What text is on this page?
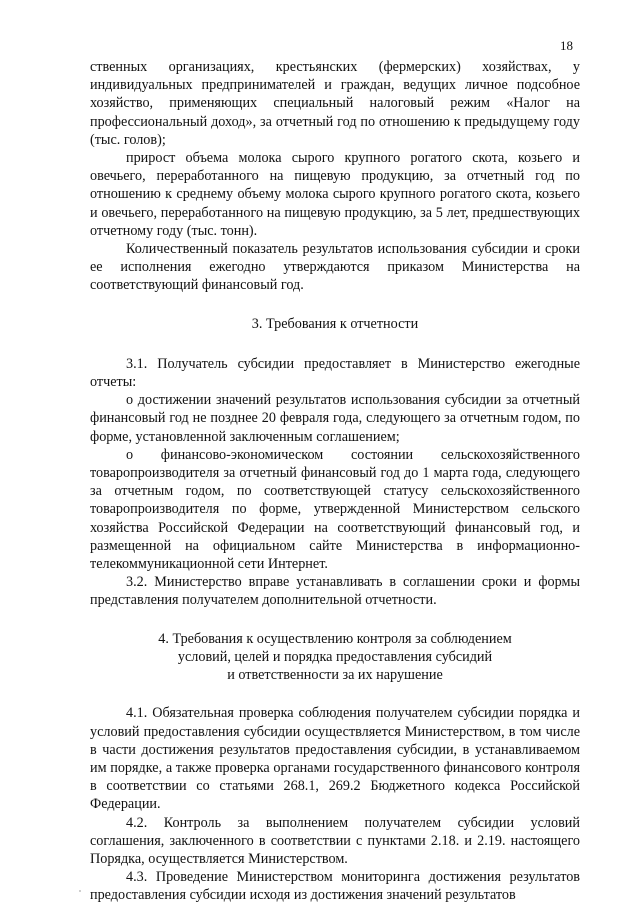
18

ственных организациях, крестьянских (фермерских) хозяйствах, у индивидуальных предпринимателей и граждан, ведущих личное подсобное хозяйство, применяющих специальный налоговый режим «Налог на профессиональный доход», за отчетный год по отношению к предыдущему году (тыс. голов);

прирост объема молока сырого крупного рогатого скота, козьего и овечьего, переработанного на пищевую продукцию, за отчетный год по отношению к среднему объему молока сырого крупного рогатого скота, козьего и овечьего, переработанного на пищевую продукцию, за 5 лет, предшествующих отчетному году (тыс. тонн).

Количественный показатель результатов использования субсидии и сроки ее исполнения ежегодно утверждаются приказом Министерства на соответствующий финансовый год.

3. Требования к отчетности

3.1. Получатель субсидии предоставляет в Министерство ежегодные отчеты:

о достижении значений результатов использования субсидии за отчетный финансовый год не позднее 20 февраля года, следующего за отчетным годом, по форме, установленной заключенным соглашением;

о финансово-экономическом состоянии сельскохозяйственного товаропроизводителя за отчетный финансовый год до 1 марта года, следующего за отчетным годом, по соответствующей статусу сельскохозяйственного товаропроизводителя по форме, утвержденной Министерством сельского хозяйства Российской Федерации на соответствующий финансовый год, и размещенной на официальном сайте Министерства в информационно-телекоммуникационной сети Интернет.

3.2. Министерство вправе устанавливать в соглашении сроки и формы представления получателем дополнительной отчетности.

4. Требования к осуществлению контроля за соблюдением
условий, целей и порядка предоставления субсидий
и ответственности за их нарушение

4.1. Обязательная проверка соблюдения получателем субсидии порядка и условий предоставления субсидии осуществляется Министерством, в том числе в части достижения результатов предоставления субсидии, в устанавливаемом им порядке, а также проверка органами государственного финансового контроля в соответствии со статьями 268.1, 269.2 Бюджетного кодекса Российской Федерации.

4.2. Контроль за выполнением получателем субсидии условий соглашения, заключенного в соответствии с пунктами 2.18. и 2.19. настоящего Порядка, осуществляется Министерством.

4.3. Проведение Министерством мониторинга достижения результатов предоставления субсидии исходя из достижения значений результатов
